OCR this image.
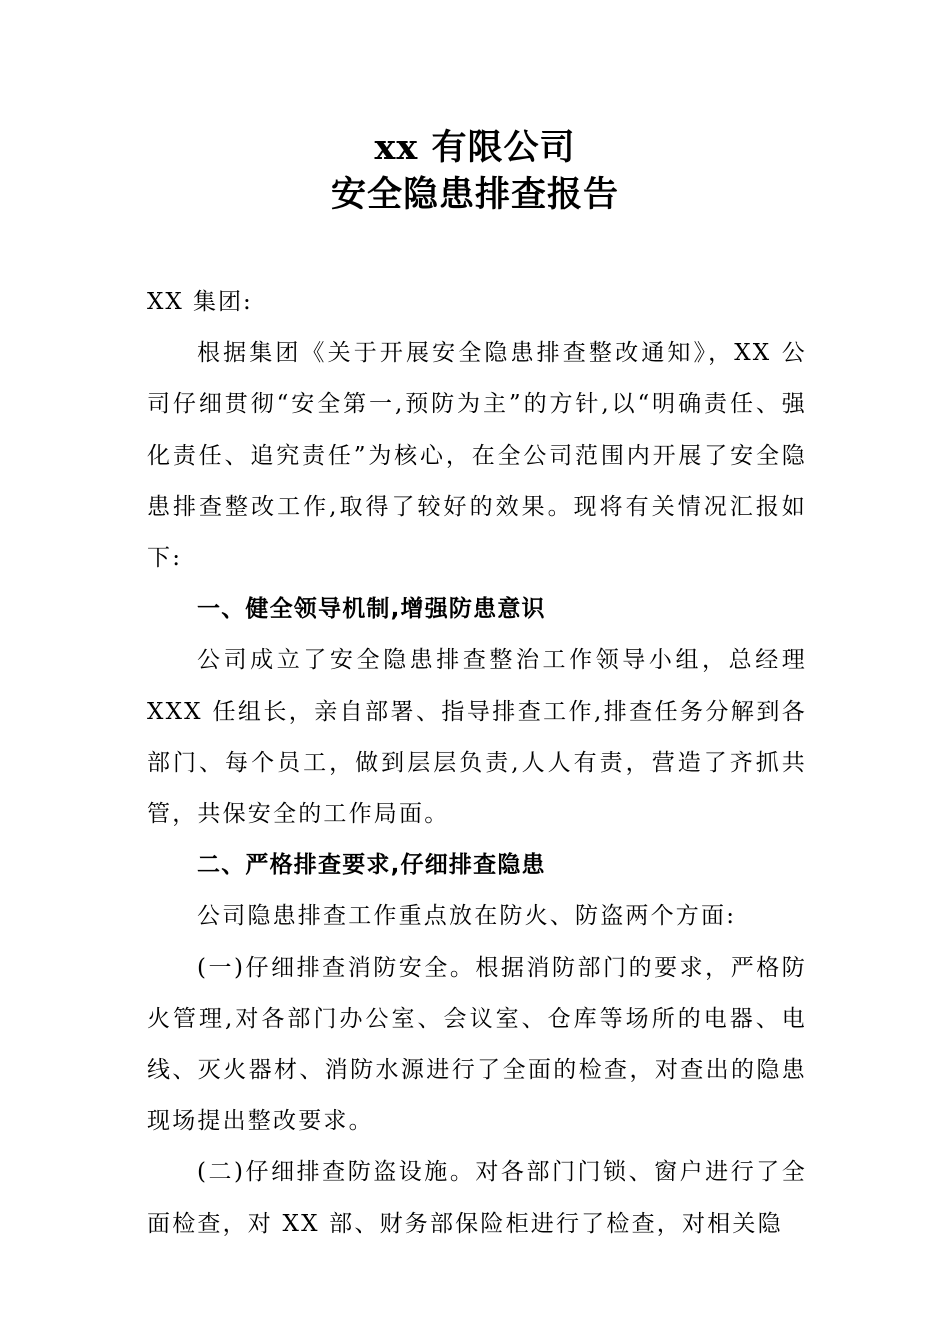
xx 有限公司
安全隐患排查报告

XX 集团:

根据集团《关于开展安全隐患排查整改通知》，XX 公司仔细贯彻“安全第一,预防为主”的方针,以“明确责任、强化责任、追究责任”为核心，在全公司范围内开展了安全隐患排查整改工作,取得了较好的效果。现将有关情况汇报如下:

一、健全领导机制,增强防患意识

公司成立了安全隐患排查整治工作领导小组，总经理 XXX 任组长，亲自部署、指导排查工作,排查任务分解到各部门、每个员工，做到层层负责,人人有责，营造了齐抓共管，共保安全的工作局面。

二、严格排查要求,仔细排查隐患

公司隐患排查工作重点放在防火、防盗两个方面:

(一)仔细排查消防安全。根据消防部门的要求，严格防火管理,对各部门办公室、会议室、仓库等场所的电器、电线、灭火器材、消防水源进行了全面的检查，对查出的隐患现场提出整改要求。

(二)仔细排查防盗设施。对各部门门锁、窗户进行了全面检查，对 XX 部、财务部保险柜进行了检查，对相关隐
